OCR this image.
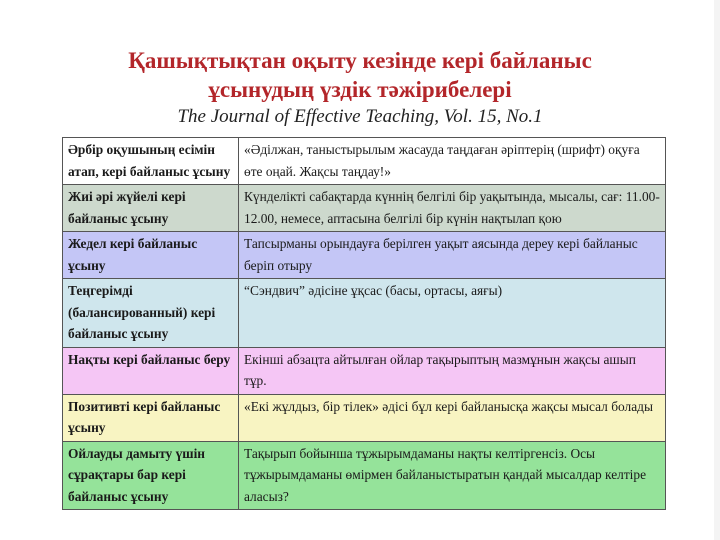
Қашықтықтан оқыту кезінде кері байланыс
ұсынудың үздік тәжірибелері
The Journal of Effective Teaching, Vol. 15, No.1
Әрбір оқушының есімін атап, кері байланыс ұсыну	«Әділжан, таныстырылым жасауда таңдаған әріптерің (шрифт) оқуға өте оңай. Жақсы таңдау!»
Жиі әрі жүйелі кері байланыс ұсыну	Күнделікті сабақтарда күннің белгілі бір уақытында, мысалы, сағ: 11.00-12.00, немесе, аптасына белгілі бір күнін нақтылап қою
Жедел кері байланыс ұсыну	Тапсырманы орындауға берілген уақыт аясында дереу кері байланыс беріп отыру
Теңгерімді (балансированный) кері байланыс ұсыну	“Сэндвич” әдісіне ұқсас (басы, ортасы, аяғы)
Нақты кері байланыс беру	Екінші абзацта айтылған ойлар тақырыптың мазмұнын жақсы ашып тұр.
Позитивті кері байланыс ұсыну	«Екі жұлдыз, бір тілек» әдісі бұл кері байланысқа жақсы мысал болады
Ойлауды дамыту үшін сұрақтары бар кері байланыс ұсыну	Тақырып бойынша тұжырымдаманы нақты келтіргенсіз. Осы тұжырымдаманы өмірмен байланыстыратын қандай мысалдар келтіре аласыз?
